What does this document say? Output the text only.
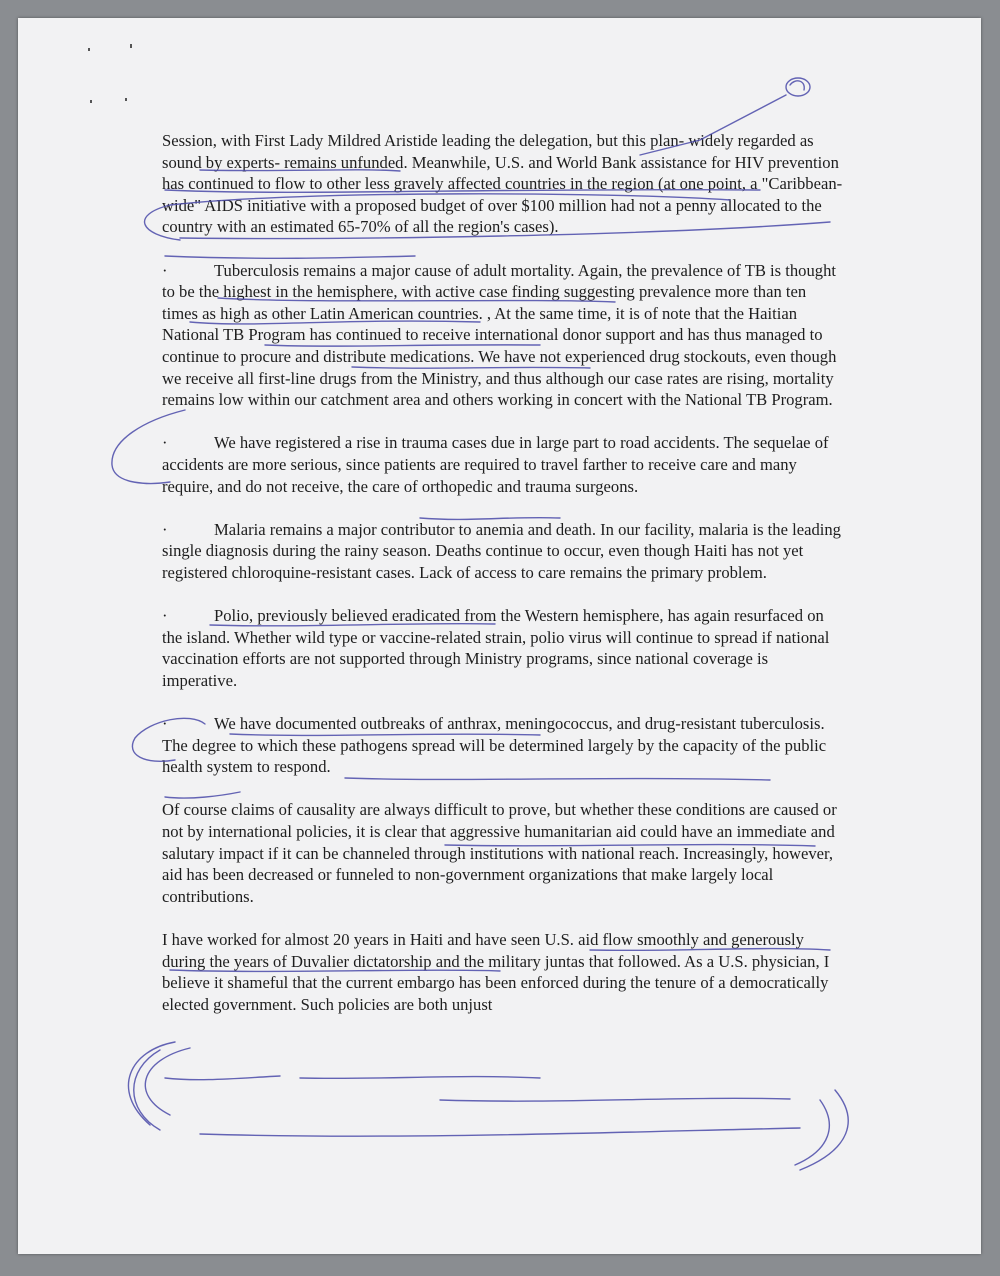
Session, with First Lady Mildred Aristide leading the delegation, but this plan- widely regarded as sound by experts- remains unfunded. Meanwhile, U.S. and World Bank assistance for HIV prevention has continued to flow to other less gravely affected countries in the region (at one point, a "Caribbean-wide" AIDS initiative with a proposed budget of over $100 million had not a penny allocated to the country with an estimated 65-70% of all the region's cases).

·	Tuberculosis remains a major cause of adult mortality. Again, the prevalence of TB is thought to be the highest in the hemisphere, with active case finding suggesting prevalence more than ten times as high as other Latin American countries. , At the same time, it is of note that the Haitian National TB Program has continued to receive international donor support and has thus managed to continue to procure and distribute medications. We have not experienced drug stockouts, even though we receive all first-line drugs from the Ministry, and thus although our case rates are rising, mortality remains low within our catchment area and others working in concert with the National TB Program.

·	We have registered a rise in trauma cases due in large part to road accidents. The sequelae of accidents are more serious, since patients are required to travel farther to receive care and many require, and do not receive, the care of orthopedic and trauma surgeons.

·	Malaria remains a major contributor to anemia and death. In our facility, malaria is the leading single diagnosis during the rainy season. Deaths continue to occur, even though Haiti has not yet registered chloroquine-resistant cases. Lack of access to care remains the primary problem.

·	Polio, previously believed eradicated from the Western hemisphere, has again resurfaced on the island. Whether wild type or vaccine-related strain, polio virus will continue to spread if national vaccination efforts are not supported through Ministry programs, since national coverage is imperative.

·	We have documented outbreaks of anthrax, meningococcus, and drug-resistant tuberculosis. The degree to which these pathogens spread will be determined largely by the capacity of the public health system to respond.

Of course claims of causality are always difficult to prove, but whether these conditions are caused or not by international policies, it is clear that aggressive humanitarian aid could have an immediate and salutary impact if it can be channeled through institutions with national reach. Increasingly, however, aid has been decreased or funneled to non-government organizations that make largely local contributions.

I have worked for almost 20 years in Haiti and have seen U.S. aid flow smoothly and generously during the years of Duvalier dictatorship and the military juntas that followed. As a U.S. physician, I believe it shameful that the current embargo has been enforced during the tenure of a democratically elected government. Such policies are both unjust
